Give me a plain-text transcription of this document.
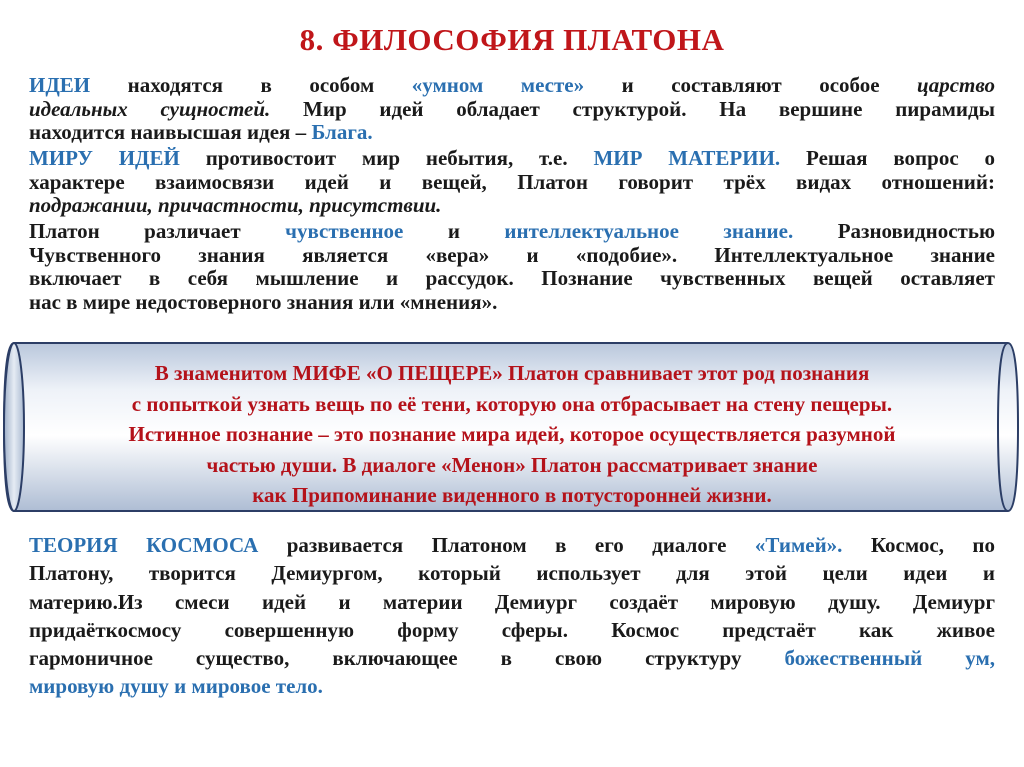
8. ФИЛОСОФИЯ ПЛАТОНА
ИДЕИ находятся в особом «умном месте» и составляют особое царство
идеальных сущностей. Мир идей обладает структурой. На вершине пирамиды
находится наивысшая идея – Блага.
МИРУ ИДЕЙ противостоит мир небытия, т.е. МИР МАТЕРИИ. Решая вопрос о
характере взаимосвязи идей и вещей, Платон говорит трёх видах отношений:
подражании, причастности, присутствии.
Платон различает чувственное и интеллектуальное знание. Разновидностью
Чувственного знания является «вера» и «подобие». Интеллектуальное знание
включает в себя мышление и рассудок. Познание чувственных вещей оставляет
нас в мире недостоверного знания или «мнения».
В знаменитом МИФЕ «О ПЕЩЕРЕ» Платон сравнивает этот род познания
с попыткой узнать вещь по её тени, которую она отбрасывает на стену пещеры.
Истинное познание – это познание мира идей, которое осуществляется разумной
частью души. В диалоге «Менон» Платон рассматривает знание
как Припоминание виденного в потусторонней жизни.
ТЕОРИЯ КОСМОСА развивается Платоном в его диалоге «Тимей». Космос, по
Платону, творится Демиургом, который использует для этой цели идеи и
материю.Из смеси идей и материи Демиург создаёт мировую душу. Демиург
придаёткосмосу совершенную форму сферы. Космос предстаёт как живое
гармоничное существо, включающее в свою структуру божественный ум,
мировую душу и мировое тело.
